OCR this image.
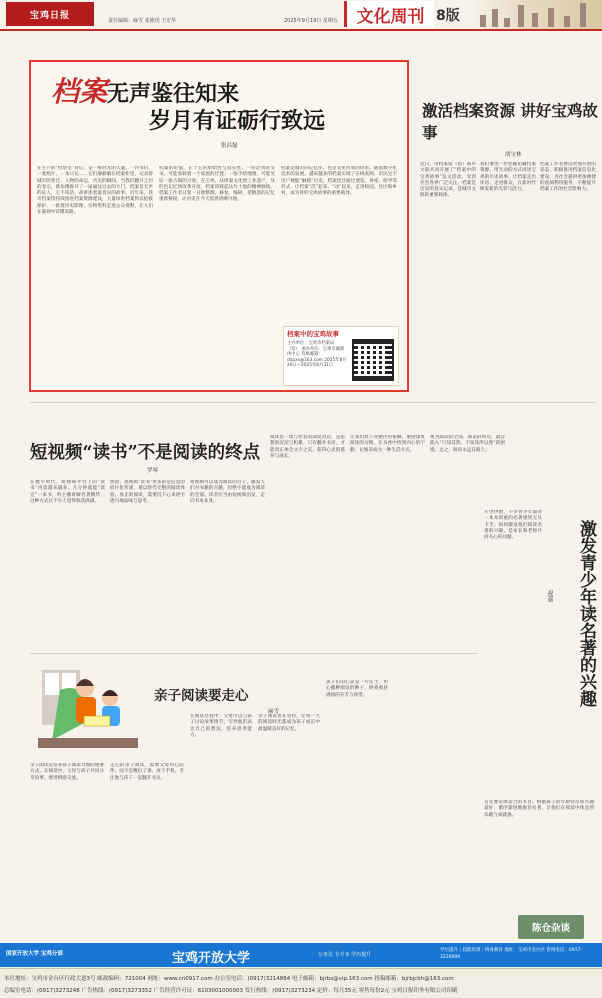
宝鸡日报
责任编辑：麻雪 张婕玥 王宏华	2025年9月19日 星期五	文化周刊 8版
档案无声鉴往知来
岁月有证砺行致远
张昌磊
在生产的“检察室”背后，是一座时光的大厦。一封书信、一张照片、一本日记……它们静静躺在档案柜里，记录着城市的变迁、人物的命运、历史的瞬间。当我们翻开尘封的卷宗，就仿佛推开了一扇通往过去的大门。档案是无声的证人，它不说话，却讲述着最真实的故事。近年来，我市档案馆持续推进档案资源建设，大量珍贵档案得以抢救保护，一批批历史影像、实物资料走进公众视野，让人们在凝视中读懂来路。
档案的价值，在于它的原始性与真实性。一份泛黄的文书，可能承载着一个家族的迁徙；一张手绘地图，可能见证一座古镇的兴衰。在宝鸡，从周秦文化到工业遗产，从红色记忆到改革开放，档案串联起这片土地的精神脉络。档案工作者日复一日地整理、修复、编研，把散落的记忆重新拼接，让历史在今天依然清晰可感。
档案是城市的记忆库，也是文化传承的纽带。随着数字化技术的发展，越来越多的档案实现了在线查阅，市民足不出户便能“触摸”历史。档案馆还通过展览、讲座、研学等形式，让档案“活”起来、“动”起来，走进校园、社区和乡村，成为讲好宝鸡故事的重要载体。
档案中的宝鸡故事
主办单位：宝鸡市档案局（馆） 承办单位：宝鸡市融媒体中心 投稿邮箱：dapxs@163.com 2025年8月20日—2025年8月31日
激活档案资源 讲好宝鸡故事
胡宝林
近日，市档案馆（馆）和市文联共同开展了“档案中的宝鸡故事”征文活动，受到社会各界广泛关注。档案是历史的真实记录，是城市文脉的重要载体。
我们要进一步挖掘馆藏档案资源，用生动的方式讲述宝鸡的历史故事，让档案走出库房、走进群众，在新时代焕发新的光彩与活力。
档案工作者要以更加开放的姿态，积极推进档案信息化建设，为社会提供更加便捷的查阅利用服务，不断提升档案工作的社会影响力。
短视频“读书”不是阅读的终点
罗琴
在数字时代，短视频平台上的“读书”内容越来越多。几分钟就能“读完”一本书，听主播讲解名著精华，这种方式让不少人觉得收获满满。
然而，短视频“读书”更多的是信息的碎片化传递，难以替代完整的阅读体验。真正的阅读，需要沉下心来逐字逐句地品味与思考。
短视频可以成为阅读的引子，激发人们对书籍的兴趣，但绝不能成为阅读的全部。读者应当由短视频出发，走向书本本身。
阅读是一场与作者的深度对话，是思想的沉淀与积累。只有翻开书页，才能真正体会文字之美，获得心灵的滋养与成长。
让我们放下对捷径的依赖，重拾深度阅读的习惯，在书香中找到内心的宁静，让阅读成为一种生活方式。
视为阅读的全部，阅读的终点，就会陷入“只知其然，不知其所以然”的困境。总之，阅读永远在路上。
激发青少年读名著的兴趣
祝嘉
开学伊始，不少青少年面对一本本厚重的名著感到无从下手。如何激发他们阅读名著的兴趣，是家长和老师共同关心的问题。
首先要选择适合的书目。根据孩子的年龄特点和兴趣爱好，循序渐进地推荐名著，让他们在阅读中体会到乐趣与成就感。
陈仓杂谈
亲子阅读要走心
麻雪
亲子阅读是培养孩子阅读习惯的重要方式。在阅读中，父母与孩子共同分享故事，增进情感交流。
走心的亲子阅读，需要父母用心陪伴，而不是敷衍了事。放下手机，专注地与孩子一起翻开书页。
在阅读过程中，父母可以与孩子讨论故事情节，引导他们表达自己的想法，培养思考能力。
亲子阅读贵在坚持，让每一天的阅读时光都成为孩子成长中最温暖美好的记忆。
孩子们的心灵是一片沃土，用心播种阅读的种子，终将收获满园的芬芳与希望。
国家开放大学 宝鸡分部	宝鸡开放大学	公务员 专升本 学历提升
学历提升｜技能培训｜终身教育 地址：宝鸡市金台区 咨询电话：0917-3220099
本社地址：宝鸡市金台区行政大道3号 邮政编码：721004 网址：www.cn0917.com 办公室电话：(0917)3214884 电子邮箱：bjrbs@vip.163.com 投稿邮箱：bjrbjcbh@163.com
总编室电话：(0917)3273248 广告热线：(0917)3273352 广告经营许可证：6103001000003 发行热线：(0917)3273234 定价：每月35元 零售每份2元 宝鸡日报印务有限公司印刷
